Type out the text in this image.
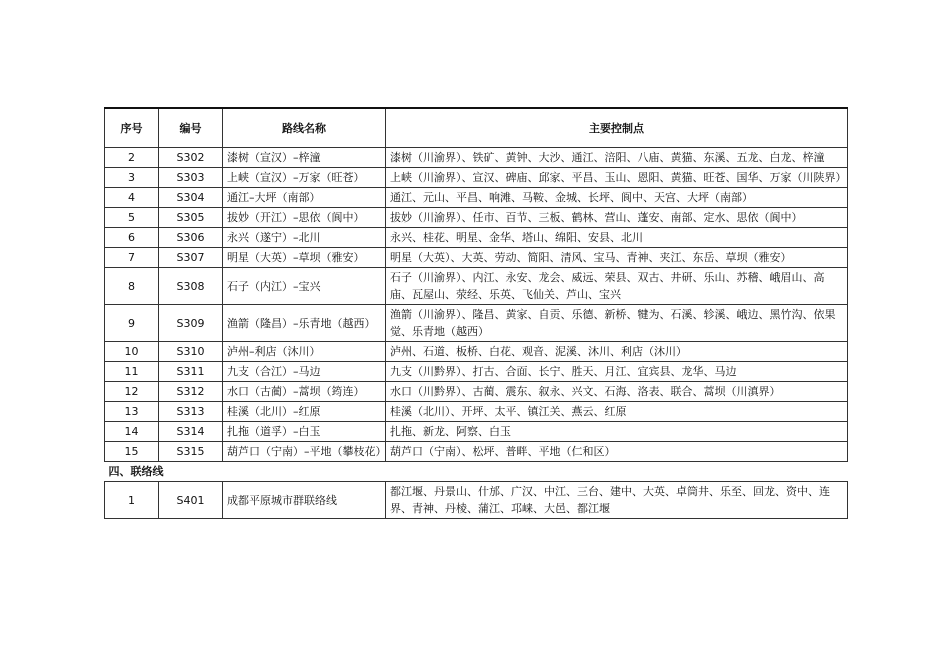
序号	编号	路线名称	主要控制点
2	S302	漆树（宣汉）–梓潼	漆树（川渝界）、铁矿、黄钟、大沙、通江、涪阳、八庙、黄猫、东溪、五龙、白龙、梓潼
3	S303	上峡（宣汉）–万家（旺苍）	上峡（川渝界）、宣汉、碑庙、邱家、平昌、玉山、恩阳、黄猫、旺苍、国华、万家（川陕界）
4	S304	通江–大坪（南部）	通江、元山、平昌、响滩、马鞍、金城、长坪、阆中、天宫、大坪（南部）
5	S305	拔妙（开江）–思依（阆中）	拔妙（川渝界）、任市、百节、三板、鹤林、营山、蓬安、南部、定水、思依（阆中）
6	S306	永兴（遂宁）–北川	永兴、桂花、明星、金华、塔山、绵阳、安县、北川
7	S307	明星（大英）–草坝（雅安）	明星（大英）、大英、劳动、简阳、清风、宝马、青神、夹江、东岳、草坝（雅安）
8	S308	石子（内江）–宝兴	石子（川渝界）、内江、永安、龙会、威远、荣县、双古、井研、乐山、苏稽、峨眉山、高庙、瓦屋山、荥经、乐英、飞仙关、芦山、宝兴
9	S309	渔箭（隆昌）–乐青地（越西）	渔箭（川渝界）、隆昌、黄家、自贡、乐德、新桥、犍为、石溪、轸溪、峨边、黑竹沟、依果觉、乐青地（越西）
10	S310	泸州–利店（沐川）	泸州、石道、板桥、白花、观音、泥溪、沐川、利店（沐川）
11	S311	九支（合江）–马边	九支（川黔界）、打古、合面、长宁、胜天、月江、宜宾县、龙华、马边
12	S312	水口（古蔺）–蒿坝（筠连）	水口（川黔界）、古蔺、震东、叙永、兴文、石海、洛表、联合、蒿坝（川滇界）
13	S313	桂溪（北川）–红原	桂溪（北川）、开坪、太平、镇江关、燕云、红原
14	S314	扎拖（道孚）–白玉	扎拖、新龙、阿察、白玉
15	S315	葫芦口（宁南）–平地（攀枝花）	葫芦口（宁南）、松坪、普畔、平地（仁和区）
四、联络线			
1	S401	成都平原城市群联络线	都江堰、丹景山、什邡、广汉、中江、三台、建中、大英、卓筒井、乐至、回龙、资中、连界、青神、丹棱、蒲江、邛崃、大邑、都江堰
